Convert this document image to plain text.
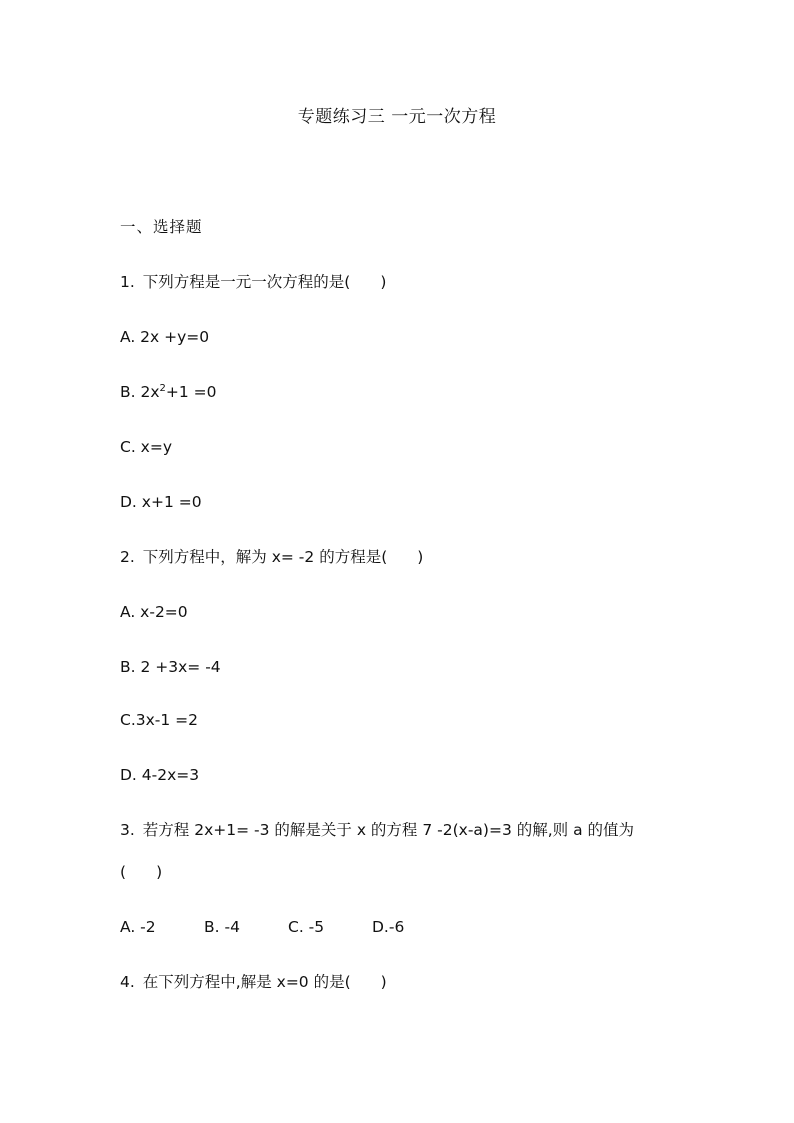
专题练习三 一元一次方程
一、选择题
1. 下列方程是一元一次方程的是( )
A. 2x +y=0
B. $2x^2+1 =0$
C. x=y
D. x+1 =0
2. 下列方程中，解为 x= -2 的方程是( )
A. x-2=0
B. 2 +3x= -4
C.3x-1 =2
D. 4-2x=3
3. 若方程 2x+1= -3 的解是关于 x 的方程 7 -2(x-a)=3 的解,则 a 的值为
( )
A. -2	B. -4	C. -5	D.-6
4. 在下列方程中,解是 x=0 的是( )
